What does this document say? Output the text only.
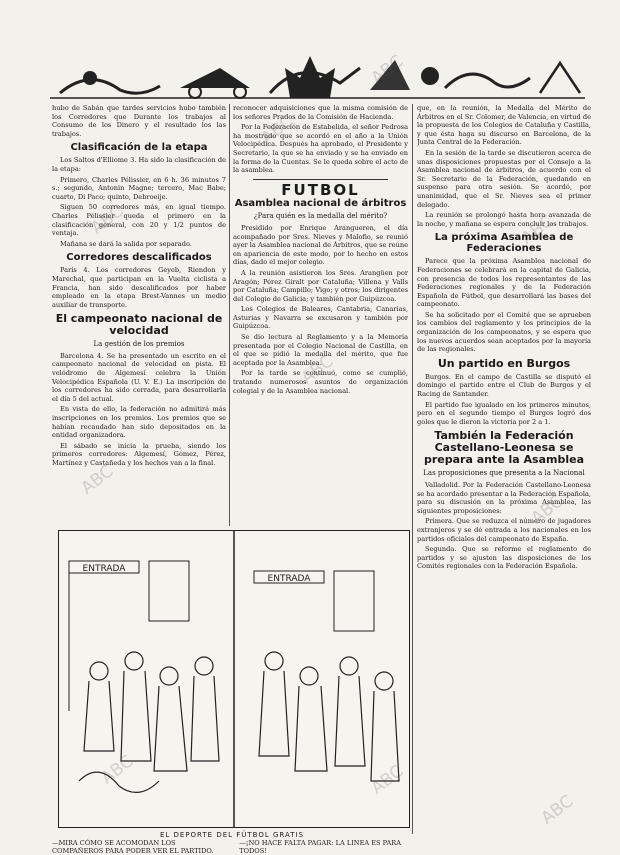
hubo de Sabán que tardes servicios hubo también los Corredores que Durante los trabajos al Consumo de los Dinero y el resultado los las trabajos.

Clasificación de la etapa

Los Saltos d'Elliome 3. Ha sido la clasificación de la etapa:

Primero, Charles Pélissier, en 6 h. 36 minutos 7 s.; segundo, Antonin Magne; tercero, Mac Babe; cuarto, Di Paco; quinto, Debroeije.

Siguen 50 corredores más, en igual tiempo. Charles Pélissier queda el primero en la clasificación general, con 20 y 1/2 puntos de ventaja.

Mañana se dará la salida por separado.

Corredores descalificados

París 4. Los corredores Geyeb, Riendon y Marechal, que participan en la Vuelta ciclista a Francia, han sido descalificados por haber empleado en la etapa Brest-Vannes un medio auxiliar de transporte.

El campeonato nacional de velocidad
La gestión de los premios

Barcelona 4. Se ha presentado un escrito en el campeonato nacional de velocidad en pista. El velódromo de Algemesí celebra la Unión Velocipédica Española (U. V. E.) La inscripción de los corredores ha sido cerrada, para desarrollarla el día 5 del actual.

En vista de ello, la federación no admitirá más inscripciones en los premios. Los premios que se habían recaudado han sido depositados en la entidad organizadora.

El sábado se inicia la prueba, siendo los primeros corredores: Algemesí, Gómez, Pérez, Martínez y Castañeda y los hechos van a la final.

reconocer adquisiciones que la misma comisión de los señores Prados de la Comisión de Hacienda.

Por la Federación de Estabelida, el señor Pedrosa ha mostrado que se acordó en el año a la Unión Velocipédica. Después ha aprobado, el Presidente y Secretario, la que se ha enviado y se ha enviado en la forma de la Cuentas. Se le queda sobre el acto de la asamblea.

FUTBOL
Asamblea nacional de árbitros
¿Para quién es la medalla del mérito?

Presidido por Enrique Arangueren, el día acompañado por Sres. Nieves y Malofio, se reunió ayer la Asamblea nacional de Árbitros, que se reúne en apariencia de este modo, por lo hecho en estos días, dado el mejor colegio.

A la reunión asistieron los Sres. Arangüen por Aragón; Pérez Giralt por Cataluña; Villena y Valls por Cataluña; Campillo; Vigo; y otros; los dirigentes del Colegio de Galicia; y también por Guipúzcoa.

Los Colegios de Baleares, Cantabria, Canarias, Asturias y Navarra se excusaron y también por Guipúzcoa.

Se dio lectura al Reglamento y a la Memoria presentada por el Colegio Nacional de Castilla, en el que se pidió la medalla del mérito, que fue aceptada por la Asamblea.

Por la tarde se continuó, como se cumplió, tratando numerosos asuntos de organización colegial y de la Asamblea nacional.

que, en la reunión, la Medalla del Mérito de Árbitros en el Sr. Colomer, de Valencia, en virtud de la propuesta de los Colegios de Cataluña y Castilla, y que ésta haga su discurso en Barcelona, de la Junta Central de la Federación.

En la sesión de la tarde se discutieron acerca de unas disposiciones propuestas por el Consejo a la Asamblea nacional de árbitros, de acuerdo con el Sr. Secretario de la Federación, quedando en suspenso para otra sesión. Se acordó, por unanimidad, que el Sr. Nieves sea el primer delegado.

La reunión se prolongó hasta hora avanzada de la noche, y mañana se espera concluir los trabajos.

La próxima Asamblea de Federaciones

Parece que la próxima Asamblea nacional de Federaciones se celebrará en la capital de Galicia, con presencia de todos los representantes de las Federaciones regionales y de la Federación Española de Fútbol, que desarrollará las bases del campeonato.

Se ha solicitado por el Comité que se aprueben los cambios del reglamento y los principios de la organización de los campeonatos, y se espera que los nuevos acuerdos sean aceptados por la mayoría de las regionales.

Un partido en Burgos

Burgos. En el campo de Castilla se disputó el domingo el partido entre el Club de Burgos y el Racing de Santander.

El partido fue igualado en los primeros minutos, pero en el segundo tiempo el Burgos logró dos goles que le dieron la victoria por 2 a 1.

También la Federación Castellano-Leonesa se prepara ante la Asamblea
Las proposiciones que presenta a la Nacional

Valladolid. Por la Federación Castellano-Leonesa se ha acordado presentar a la Federación Española, para su discusión en la próxima Asamblea, las siguientes proposiciones:

Primera. Que se reduzca el número de jugadores extranjeros y se dé entrada a los nacionales en los partidos oficiales del campeonato de España.

Segunda. Que se reforme el reglamento de partidos y se ajusten las disposiciones de los Comités regionales con la Federación Española.

ENTRADA
ENTRADA
EL DEPORTE DEL FÚTBOL GRATIS
—MIRA CÓMO SE ACOMODAN LOS COMPAÑEROS PARA PODER VER EL PARTIDO.
—¡NO HACE FALTA PAGAR: LA LINEA ES PARA TODOS!
ABC
ABC
ABC
ABC
ABC
ABC
ABC
ABC	ABC
ABC
